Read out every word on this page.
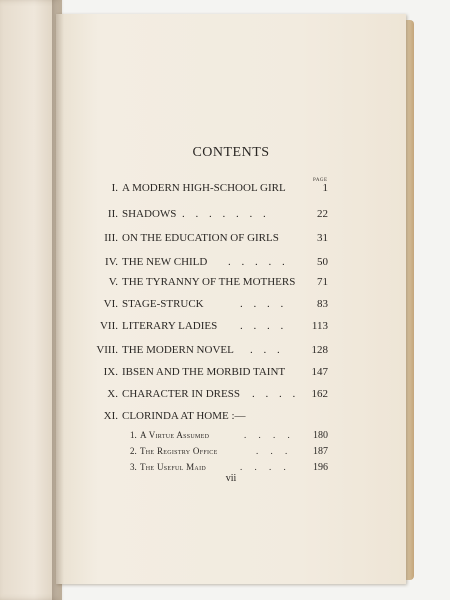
CONTENTS
PAGE
I. A MODERN HIGH-SCHOOL GIRL	1
II. SHADOWS . . . . . . .	22
III. ON THE EDUCATION OF GIRLS	31
IV. THE NEW CHILD . . . . .	50
V. THE TYRANNY OF THE MOTHERS	71
VI. STAGE-STRUCK	. . . .	83
VII. LITERARY LADIES . . . .	113
VIII. THE MODERN NOVEL . . .	128
IX. IBSEN AND THE MORBID TAINT	147
X. CHARACTER IN DRESS . . . .	162
XI. CLORINDA AT HOME :—
1. A Virtue Assumed	. . . .	180
2. The Registry Office	. . .	187
3. The Useful Maid	. . . .	196
vii
